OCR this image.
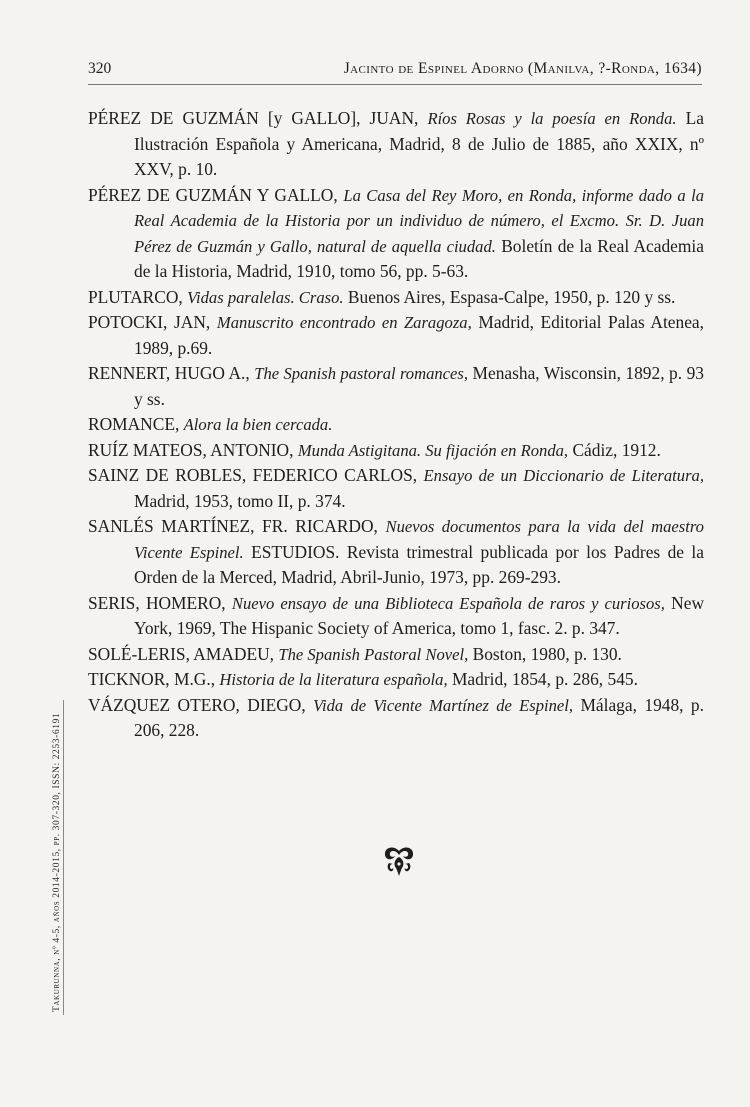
320	Jacinto de Espinel Adorno (Manilva, ?-Ronda, 1634)
PÉREZ DE GUZMÁN [y GALLO], JUAN, Ríos Rosas y la poesía en Ronda. La Ilustración Española y Americana, Madrid, 8 de Julio de 1885, año XXIX, nº XXV, p. 10.
PÉREZ DE GUZMÁN Y GALLO, La Casa del Rey Moro, en Ronda, informe dado a la Real Academia de la Historia por un individuo de número, el Excmo. Sr. D. Juan Pérez de Guzmán y Gallo, natural de aquella ciudad. Boletín de la Real Academia de la Historia, Madrid, 1910, tomo 56, pp. 5-63.
PLUTARCO, Vidas paralelas. Craso. Buenos Aires, Espasa-Calpe, 1950, p. 120 y ss.
POTOCKI, JAN, Manuscrito encontrado en Zaragoza, Madrid, Editorial Palas Atenea, 1989, p.69.
RENNERT, HUGO A., The Spanish pastoral romances, Menasha, Wisconsin, 1892, p. 93 y ss.
ROMANCE, Alora la bien cercada.
RUÍZ MATEOS, ANTONIO, Munda Astigitana. Su fijación en Ronda, Cádiz, 1912.
SAINZ DE ROBLES, FEDERICO CARLOS, Ensayo de un Diccionario de Literatura, Madrid, 1953, tomo II, p. 374.
SANLÉS MARTÍNEZ, FR. RICARDO, Nuevos documentos para la vida del maestro Vicente Espinel. ESTUDIOS. Revista trimestral publicada por los Padres de la Orden de la Merced, Madrid, Abril-Junio, 1973, pp. 269-293.
SERIS, HOMERO, Nuevo ensayo de una Biblioteca Española de raros y curiosos, New York, 1969, The Hispanic Society of America, tomo 1, fasc. 2. p. 347.
SOLÉ-LERIS, AMADEU, The Spanish Pastoral Novel, Boston, 1980, p. 130.
TICKNOR, M.G., Historia de la literatura española, Madrid, 1854, p. 286, 545.
VÁZQUEZ OTERO, DIEGO, Vida de Vicente Martínez de Espinel, Málaga, 1948, p. 206, 228.
Takurunna, nº 4-5, años 2014-2015, pp. 307-320, ISSN: 2253-6191
